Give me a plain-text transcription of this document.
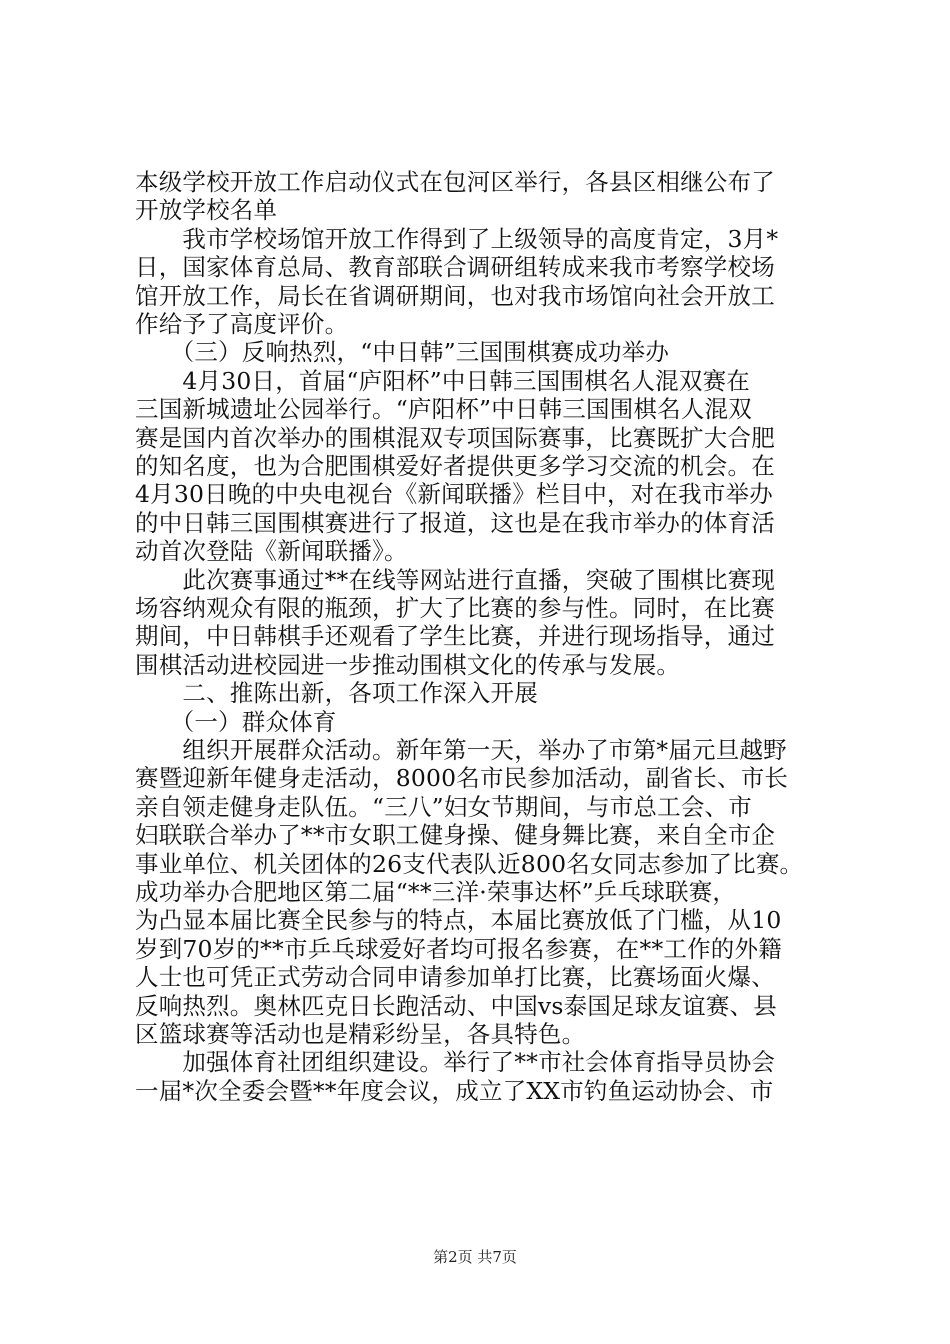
本级学校开放工作启动仪式在包河区举行，各县区相继公布了
开放学校名单
　　我市学校场馆开放工作得到了上级领导的高度肯定，3月*
日，国家体育总局、教育部联合调研组转成来我市考察学校场
馆开放工作，局长在省调研期间，也对我市场馆向社会开放工
作给予了高度评价。
　　（三）反响热烈，“中日韩”三国围棋赛成功举办
　　4月30日，首届“庐阳杯”中日韩三国围棋名人混双赛在
三国新城遗址公园举行。“庐阳杯”中日韩三国围棋名人混双
赛是国内首次举办的围棋混双专项国际赛事，比赛既扩大合肥
的知名度，也为合肥围棋爱好者提供更多学习交流的机会。在
4月30日晚的中央电视台《新闻联播》栏目中，对在我市举办
的中日韩三国围棋赛进行了报道，这也是在我市举办的体育活
动首次登陆《新闻联播》。
　　此次赛事通过**在线等网站进行直播，突破了围棋比赛现
场容纳观众有限的瓶颈，扩大了比赛的参与性。同时，在比赛
期间，中日韩棋手还观看了学生比赛，并进行现场指导，通过
围棋活动进校园进一步推动围棋文化的传承与发展。
　　二、推陈出新，各项工作深入开展
　　（一）群众体育
　　组织开展群众活动。新年第一天，举办了市第*届元旦越野
赛暨迎新年健身走活动，8000名市民参加活动，副省长、市长
亲自领走健身走队伍。“三八”妇女节期间，与市总工会、市
妇联联合举办了**市女职工健身操、健身舞比赛，来自全市企
事业单位、机关团体的26支代表队近800名女同志参加了比赛。
成功举办合肥地区第二届“**三洋·荣事达杯”乒乓球联赛，
为凸显本届比赛全民参与的特点，本届比赛放低了门槛，从10
岁到70岁的**市乒乓球爱好者均可报名参赛，在**工作的外籍
人士也可凭正式劳动合同申请参加单打比赛，比赛场面火爆、
反响热烈。奥林匹克日长跑活动、中国vs泰国足球友谊赛、县
区篮球赛等活动也是精彩纷呈，各具特色。
　　加强体育社团组织建设。举行了**市社会体育指导员协会
一届*次全委会暨**年度会议，成立了XX市钓鱼运动协会、市
第2页 共7页
